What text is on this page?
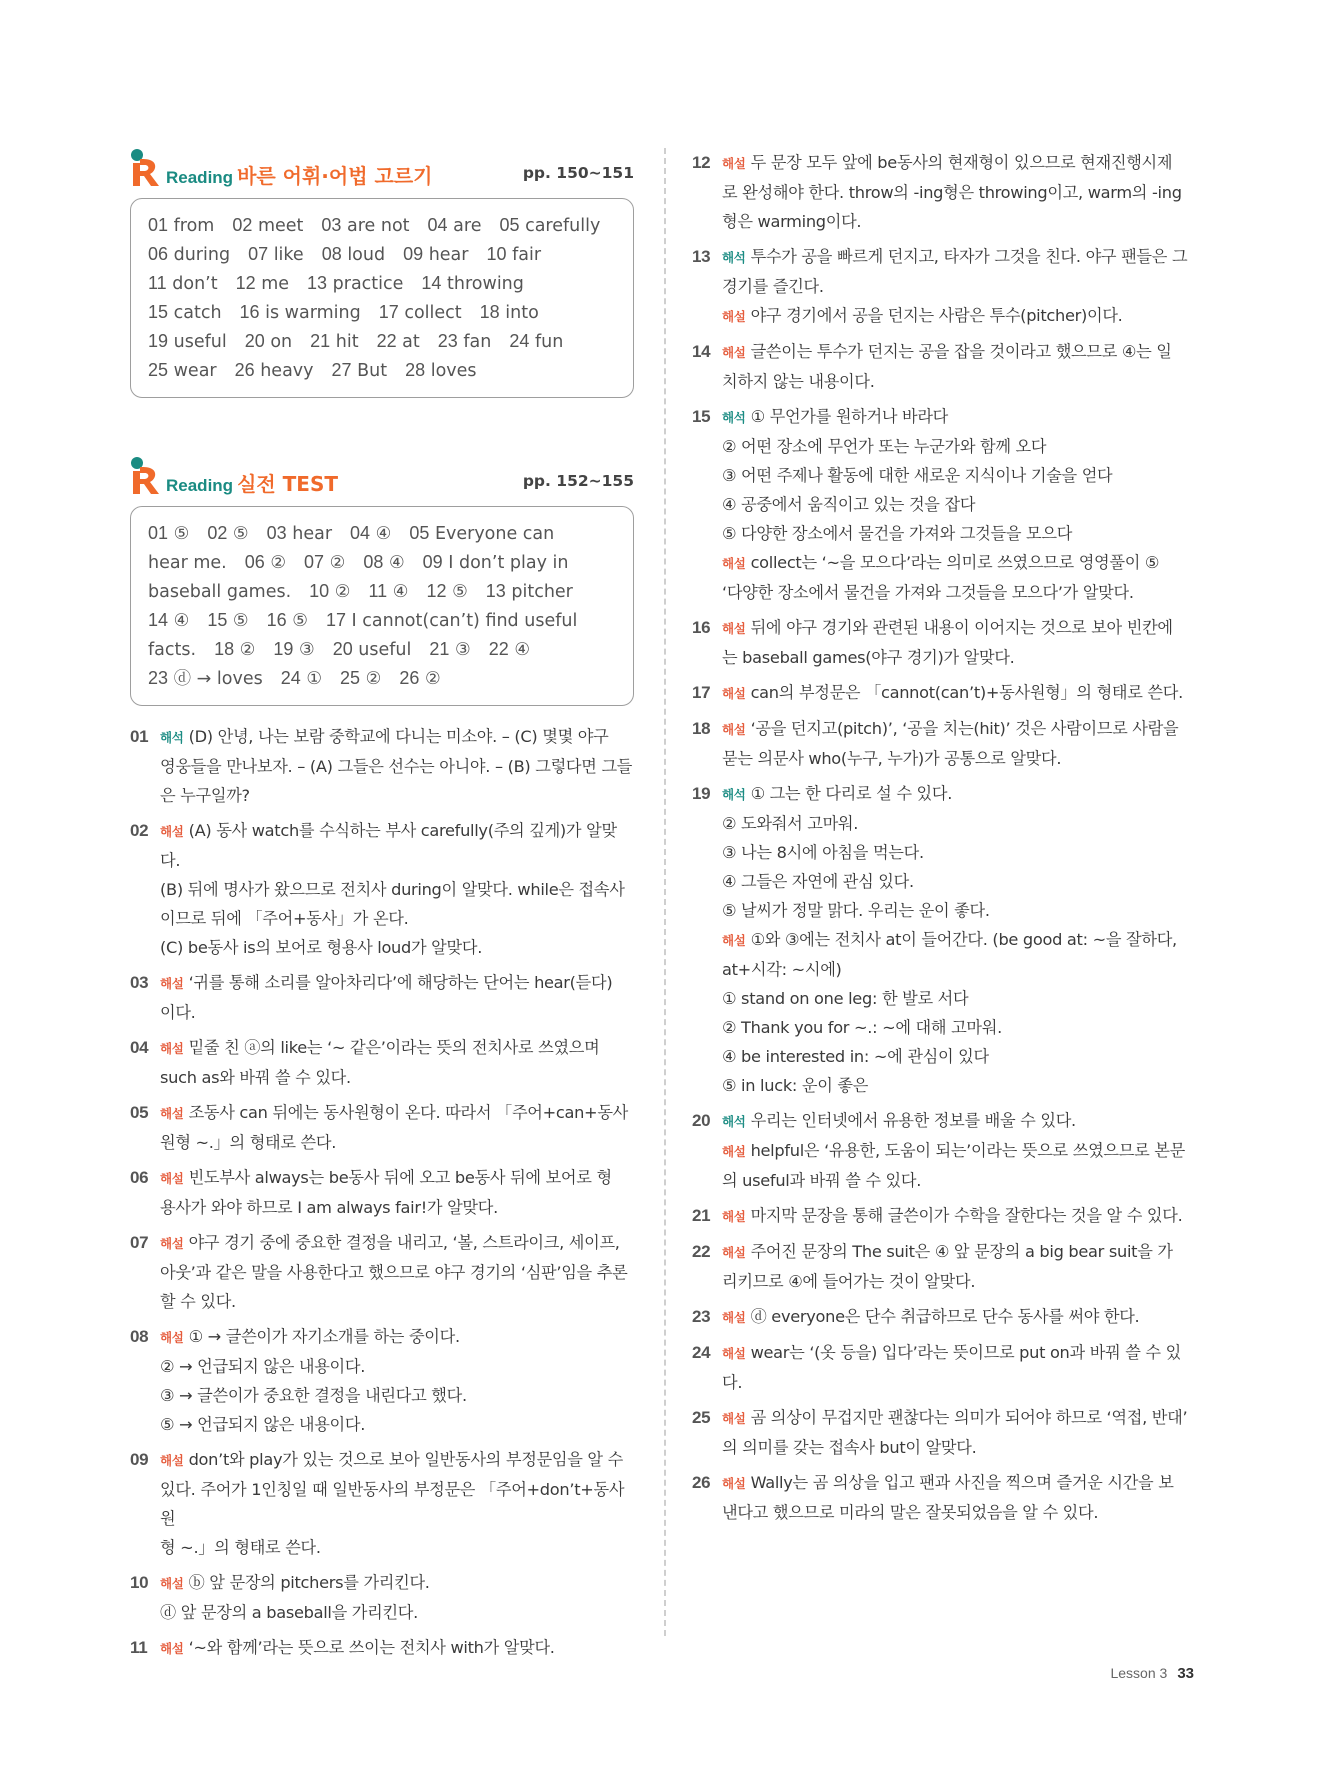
Reading 바른 어휘·어법 고르기	pp. 150~151
01 from 02 meet 03 are not 04 are 05 carefully
06 during 07 like 08 loud 09 hear 10 fair
11 don’t 12 me 13 practice 14 throwing
15 catch 16 is warming 17 collect 18 into
19 useful 20 on 21 hit 22 at 23 fan 24 fun
25 wear 26 heavy 27 But 28 loves
Reading 실전 TEST	pp. 152~155
01 ⑤ 02 ⑤ 03 hear 04 ④ 05 Everyone can
hear me. 06 ② 07 ② 08 ④ 09 I don’t play in
baseball games. 10 ② 11 ④ 12 ⑤ 13 pitcher
14 ④ 15 ⑤ 16 ⑤ 17 I cannot(can’t) find useful
facts. 18 ② 19 ③ 20 useful 21 ③ 22 ④
23 ⓓ → loves 24 ① 25 ② 26 ②
01 해석 (D) 안녕, 나는 보람 중학교에 다니는 미소야. – (C) 몇몇 야구
영웅들을 만나보자. – (A) 그들은 선수는 아니야. – (B) 그렇다면 그들
은 누구일까?
02 해설 (A) 동사 watch를 수식하는 부사 carefully(주의 깊게)가 알맞다.
(B) 뒤에 명사가 왔으므로 전치사 during이 알맞다. while은 접속사
이므로 뒤에 「주어+동사」가 온다.
(C) be동사 is의 보어로 형용사 loud가 알맞다.
03 해설 ‘귀를 통해 소리를 알아차리다’에 해당하는 단어는 hear(듣다)
이다.
04 해설 밑줄 친 ⓐ의 like는 ‘~ 같은’이라는 뜻의 전치사로 쓰였으며
such as와 바꿔 쓸 수 있다.
05 해설 조동사 can 뒤에는 동사원형이 온다. 따라서 「주어+can+동사
원형 ~.」의 형태로 쓴다.
06 해설 빈도부사 always는 be동사 뒤에 오고 be동사 뒤에 보어로 형
용사가 와야 하므로 I am always fair!가 알맞다.
07 해설 야구 경기 중에 중요한 결정을 내리고, ‘볼, 스트라이크, 세이프,
아웃’과 같은 말을 사용한다고 했으므로 야구 경기의 ‘심판’임을 추론
할 수 있다.
08 해설 ① → 글쓴이가 자기소개를 하는 중이다.
② → 언급되지 않은 내용이다.
③ → 글쓴이가 중요한 결정을 내린다고 했다.
⑤ → 언급되지 않은 내용이다.
09 해설 don’t와 play가 있는 것으로 보아 일반동사의 부정문임을 알 수
있다. 주어가 1인칭일 때 일반동사의 부정문은 「주어+don’t+동사원
형 ~.」의 형태로 쓴다.
10 해설 ⓑ 앞 문장의 pitchers를 가리킨다.
ⓓ 앞 문장의 a baseball을 가리킨다.
11 해설 ‘~와 함께’라는 뜻으로 쓰이는 전치사 with가 알맞다.
12 해설 두 문장 모두 앞에 be동사의 현재형이 있으므로 현재진행시제
로 완성해야 한다. throw의 -ing형은 throwing이고, warm의 -ing
형은 warming이다.
13 해석 투수가 공을 빠르게 던지고, 타자가 그것을 친다. 야구 팬들은 그
경기를 즐긴다.
해설 야구 경기에서 공을 던지는 사람은 투수(pitcher)이다.
14 해설 글쓴이는 투수가 던지는 공을 잡을 것이라고 했으므로 ④는 일
치하지 않는 내용이다.
15 해석 ① 무언가를 원하거나 바라다
② 어떤 장소에 무언가 또는 누군가와 함께 오다
③ 어떤 주제나 활동에 대한 새로운 지식이나 기술을 얻다
④ 공중에서 움직이고 있는 것을 잡다
⑤ 다양한 장소에서 물건을 가져와 그것들을 모으다
해설 collect는 ‘~을 모으다’라는 의미로 쓰였으므로 영영풀이 ⑤
‘다양한 장소에서 물건을 가져와 그것들을 모으다’가 알맞다.
16 해설 뒤에 야구 경기와 관련된 내용이 이어지는 것으로 보아 빈칸에
는 baseball games(야구 경기)가 알맞다.
17 해설 can의 부정문은 「cannot(can’t)+동사원형」의 형태로 쓴다.
18 해설 ‘공을 던지고(pitch)’, ‘공을 치는(hit)’ 것은 사람이므로 사람을
묻는 의문사 who(누구, 누가)가 공통으로 알맞다.
19 해석 ① 그는 한 다리로 설 수 있다.
② 도와줘서 고마워.
③ 나는 8시에 아침을 먹는다.
④ 그들은 자연에 관심 있다.
⑤ 날씨가 정말 맑다. 우리는 운이 좋다.
해설 ①와 ③에는 전치사 at이 들어간다. (be good at: ~을 잘하다,
at+시각: ~시에)
① stand on one leg: 한 발로 서다
② Thank you for ~.: ~에 대해 고마워.
④ be interested in: ~에 관심이 있다
⑤ in luck: 운이 좋은
20 해석 우리는 인터넷에서 유용한 정보를 배울 수 있다.
해설 helpful은 ‘유용한, 도움이 되는’이라는 뜻으로 쓰였으므로 본문
의 useful과 바꿔 쓸 수 있다.
21 해설 마지막 문장을 통해 글쓴이가 수학을 잘한다는 것을 알 수 있다.
22 해설 주어진 문장의 The suit은 ④ 앞 문장의 a big bear suit을 가
리키므로 ④에 들어가는 것이 알맞다.
23 해설 ⓓ everyone은 단수 취급하므로 단수 동사를 써야 한다.
24 해설 wear는 ‘(옷 등을) 입다’라는 뜻이므로 put on과 바꿔 쓸 수 있
다.
25 해설 곰 의상이 무겁지만 괜찮다는 의미가 되어야 하므로 ‘역접, 반대’
의 의미를 갖는 접속사 but이 알맞다.
26 해설 Wally는 곰 의상을 입고 팬과 사진을 찍으며 즐거운 시간을 보
낸다고 했으므로 미라의 말은 잘못되었음을 알 수 있다.
Lesson 3 33
